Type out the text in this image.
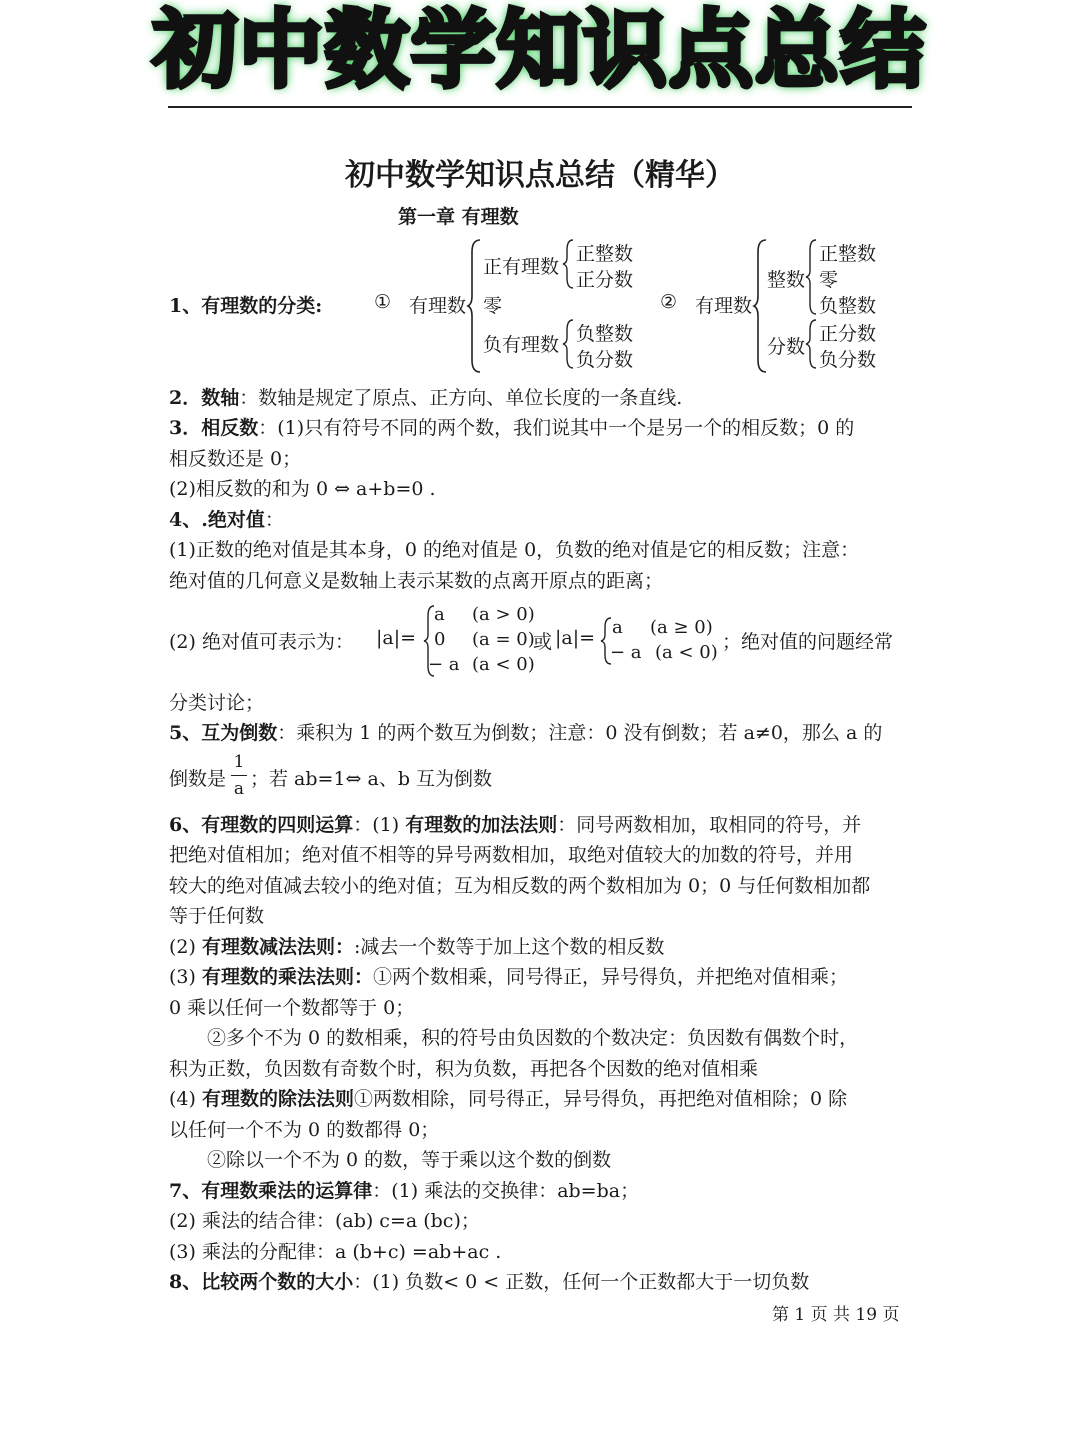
初中数学知识点总结
初中数学知识点总结（精华）
第一章 有理数
1、有理数的分类:	① 有理数
正有理数
正整数
正分数
零
负有理数 负整数
负分数
② 有理数
整数
正整数
零
负整数
分数
正分数
负分数
2．数轴：数轴是规定了原点、正方向、单位长度的一条直线.
3．相反数：(1)只有符号不同的两个数，我们说其中一个是另一个的相反数；0 的
相反数还是 0；
(2)相反数的和为 0 ⇔ a+b=0 .
4、.绝对值：
(1)正数的绝对值是其本身，0 的绝对值是 0，负数的绝对值是它的相反数；注意：
绝对值的几何意义是数轴上表示某数的点离开原点的距离；
(2) 绝对值可表示为： |a|=
a (a > 0)
0 (a = 0)
− a (a < 0)
或 |a|= a (a ≥ 0)
− a (a < 0) ；绝对值的问题经常
分类讨论；
5、互为倒数：乘积为 1 的两个数互为倒数；注意：0 没有倒数；若 a≠0，那么 a 的
倒数是
1
a ；若 ab=1⇔ a、b 互为倒数
6、有理数的四则运算：(1) 有理数的加法法则：同号两数相加，取相同的符号，并
把绝对值相加；绝对值不相等的异号两数相加，取绝对值较大的加数的符号，并用
较大的绝对值减去较小的绝对值；互为相反数的两个数相加为 0；0 与任何数相加都
等于任何数
(2) 有理数减法法则：:减去一个数等于加上这个数的相反数
(3) 有理数的乘法法则：①两个数相乘，同号得正，异号得负，并把绝对值相乘；
0 乘以任何一个数都等于 0；
②多个不为 0 的数相乘，积的符号由负因数的个数决定：负因数有偶数个时，
积为正数，负因数有奇数个时，积为负数，再把各个因数的绝对值相乘
(4) 有理数的除法法则①两数相除，同号得正，异号得负，再把绝对值相除；0 除
以任何一个不为 0 的数都得 0；
②除以一个不为 0 的数，等于乘以这个数的倒数
7、有理数乘法的运算律：(1) 乘法的交换律：ab=ba；
(2) 乘法的结合律：(ab) c=a (bc)；
(3) 乘法的分配律：a (b+c) =ab+ac .
8、比较两个数的大小：(1) 负数< 0 < 正数，任何一个正数都大于一切负数
第 1 页 共 19 页
